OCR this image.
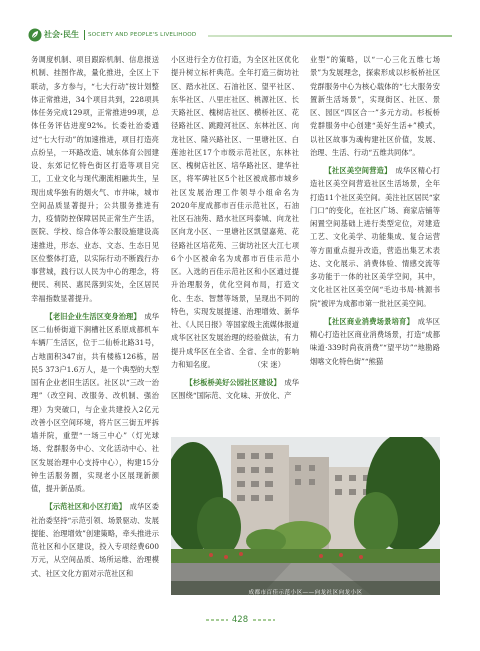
社会·民生 SOCIETY AND PEOPLE'S LIVELIHOOD

务调度机制、项目跟踪机制、信息报送机制、挂图作战，量化推进，全区上下联动，多方参与，“七大行动”按计划整体正常推进，34个项目共到，228项具体任务完成129项，正常推进99项，总体任务评估进度92%。长委社治委通过“七大行动”的加速推进，项目打造亮点纷呈，一环路改造、城东体育公园建设、东郊记忆特色街区打造等项目完工，工业文化与现代潮流相融共生，呈现出成华独有的烟火气、市井味，城市空间品质显著提升；公共服务推进有力，疫情防控保障居民正常生产生活，医院、学校、综合体等公服设施建设高速推进，形态、业态、文态、生态日见区位整体打造，以实际行动不断践行办事营城，践行以人民为中心的理念，将便民、利民、惠民落到实处，全区居民幸福指数显著提升。

【老旧企业生活区变身治理】　 成华区二仙桥街道下涧槽社区系原成都机车车辆厂生活区，位于二仙桥北路31号，占地面积347亩，共有楼栋126栋，居民5 373户1.6万人，是一个典型的大型国有企业老旧生活区。社区以“三改一治理”（改空间、改服务、改机制、强治理）为突破口，与企业共建投入2亿元改善小区空间环境，将片区三街五坪拆墙并院，重塑“一场三中心”（灯光球场、党群服务中心、文化活动中心、社区发展治理中心支持中心），构建15分钟生活服务圈，实现老小区展现新颜值，提升新品质。

【示范社区和小区打造】　 成华区委社治委坚持“示范引领、场景驱动、发展提能、治理增效”创建策略，牵头推进示范社区和小区建设，投入专项经费600万元，从空间品质、场所运维、治理模式、社区文化方面对示范社区和

小区进行全方位打造，为全区社区优化提升树立标杆典范。全年打造三街坊社区、踏水社区、石油社区、望平社区、东华社区、八里庄社区、桃源社区、长天路社区、槐树店社区、横桥社区、花径路社区、跳蹬河社区、东林社区、向龙社区、隆兴路社区、一里塘社区、白莲池社区17个市级示范社区，东林社区、槐树店社区、培华路社区、建华社区，将军碑社区5个社区被成都市城乡社区发展治理工作领导小组命名为2020年度成都市百佳示范社区，石油社区石油苑、踏水社区玛泰城、向龙社区向龙小区、一里塘社区凯望嘉苑、花径路社区培花苑、三街坊社区大江七项6个小区被命名为成都市百佳示范小区。入选的百佳示范社区和小区通过提升治理服务，优化空间布局，打造文化、生态、智慧等场景，呈现出不同的特色，实现发展提速、治理增效、新华社、《人民日报》等国家级主流媒体报道成华区社区发展治理的经验做法，有力提升成华区在全省、全省、全市的影响力和知名度。	（宋 迷）

【杉板桥美好公园社区建设】　 成华区围绕“国际范、文化味、开放化、产

业型”的策略，以“一心三化五维七场景”为发展理念，探索形成以杉板桥社区党群服务中心为核心载体的“七大服务安置新生活场景”，实现街区、社区、景区、园区“四区合一”多元方动。杉板桥党群服务中心创建“美好生活+”模式，以社区故事为魂构建社区价值，发展、治理、生活、行动“五维共同体”。

【社区美空间营造】　 成华区精心打造社区美空间营造社区生活场景，全年打造11个社区美空间。美注社区居民“家门口”的变化，在社区广场、商家店铺等闲置空间基础上进行类型定位，对建造工艺、文化美学、功能集成、复合运营等方面重点提升改造，营造出集艺术表达、文化展示、消费体验、情感交流等多功能于一体的社区美学空间，其中，文化社区社区美空间“毛边书局·桃源书院”被评为成都市第一批社区美空间。

【社区商业消费场景培育】　 成华区精心打造社区商业消费场景，打造“成都味道·339时尚夜消费”“望平坊”“地勘路烟喀文化特色街”“熊猫

成都市百佳示范小区——向龙社区向龙小区
428
